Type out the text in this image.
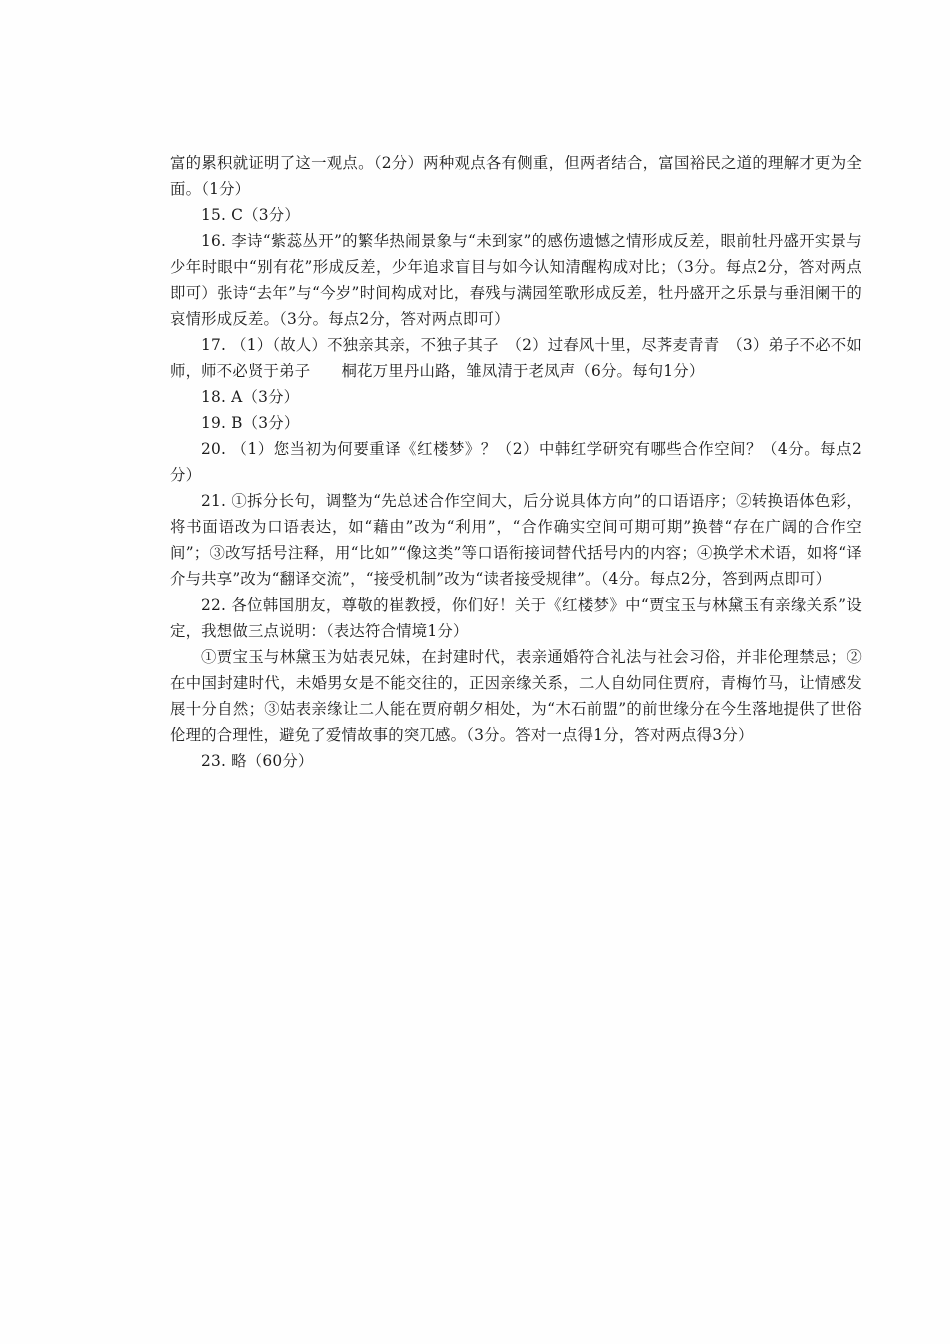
富的累积就证明了这一观点。（2分）两种观点各有侧重，但两者结合，富国裕民之道的理解才更为全面。（1分）

15. C（3分）

16. 李诗“紫蕊丛开”的繁华热闹景象与“未到家”的感伤遗憾之情形成反差，眼前牡丹盛开实景与少年时眼中“别有花”形成反差，少年追求盲目与如今认知清醒构成对比；（3分。每点2分，答对两点即可）张诗“去年”与“今岁”时间构成对比，春残与满园笙歌形成反差，牡丹盛开之乐景与垂泪阑干的哀情形成反差。（3分。每点2分，答对两点即可）

17. （1）（故人）不独亲其亲，不独子其子　（2）过春风十里，尽荠麦青青　（3）弟子不必不如师，师不必贤于弟子　　桐花万里丹山路，雏凤清于老凤声（6分。每句1分）

18. A（3分）

19. B（3分）

20. （1）您当初为何要重译《红楼梦》？（2）中韩红学研究有哪些合作空间？（4分。每点2分）

21. ①拆分长句，调整为“先总述合作空间大，后分说具体方向”的口语语序；②转换语体色彩，将书面语改为口语表达，如“藉由”改为“利用”，“合作确实空间可期可期”换替“存在广阔的合作空间”；③改写括号注释，用“比如”“像这类”等口语衔接词替代括号内的内容；④换学术术语，如将“译介与共享”改为“翻译交流”，“接受机制”改为“读者接受规律”。（4分。每点2分，答到两点即可）

22. 各位韩国朋友，尊敬的崔教授，你们好！关于《红楼梦》中“贾宝玉与林黛玉有亲缘关系”设定，我想做三点说明：（表达符合情境1分）

①贾宝玉与林黛玉为姑表兄妹，在封建时代，表亲通婚符合礼法与社会习俗，并非伦理禁忌；②在中国封建时代，未婚男女是不能交往的，正因亲缘关系，二人自幼同住贾府，青梅竹马，让情感发展十分自然；③姑表亲缘让二人能在贾府朝夕相处，为“木石前盟”的前世缘分在今生落地提供了世俗伦理的合理性，避免了爱情故事的突兀感。（3分。答对一点得1分，答对两点得3分）

23. 略（60分）
